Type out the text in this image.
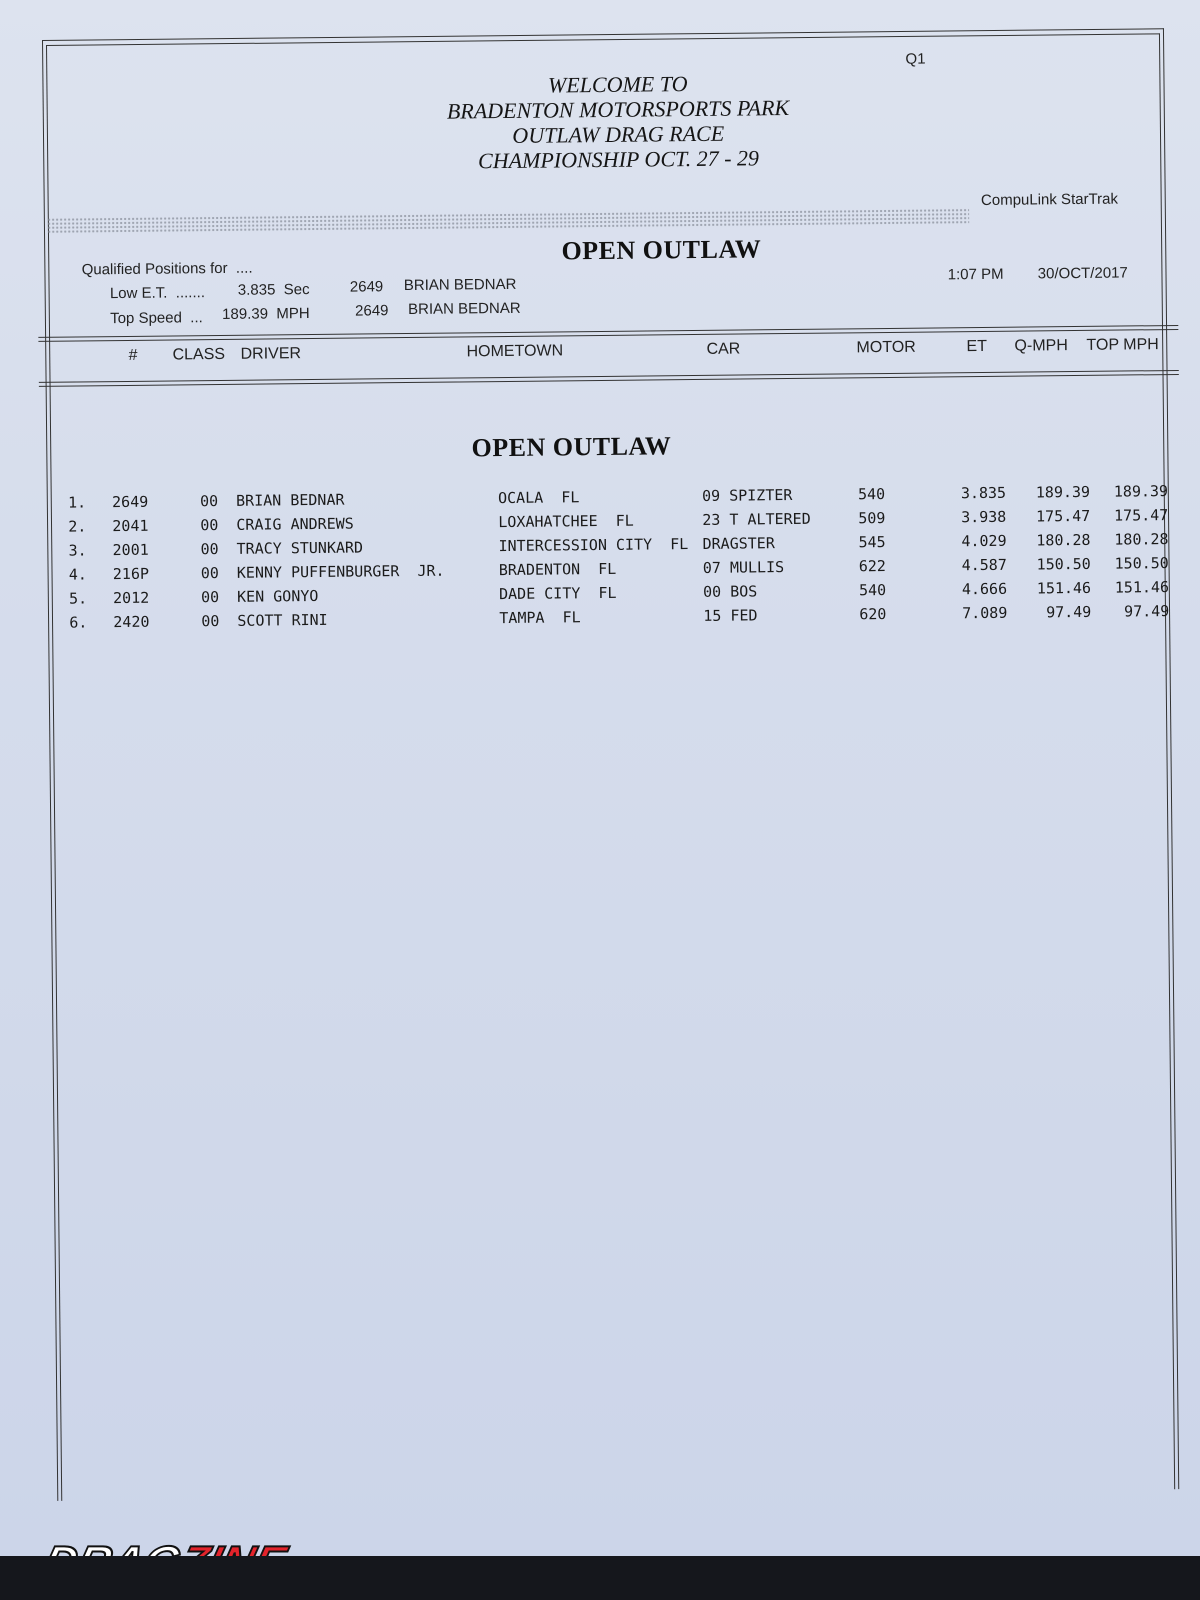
WELCOME TO
BRADENTON MOTORSPORTS PARK
OUTLAW DRAG RACE
CHAMPIONSHIP OCT. 27 - 29
Q1
CompuLink StarTrak
OPEN OUTLAW
Qualified Positions for  ....
Low E.T.  ....... 3.835  Sec	2649 BRIAN BEDNAR
Top Speed  ... 189.39  MPH	2649 BRIAN BEDNAR
1:07 PM 30/OCT/2017
# CLASS DRIVER	HOMETOWN	CAR	MOTOR	ET Q-MPH TOP MPH
OPEN OUTLAW
1. 2649	00 BRIAN BEDNAR	OCALA  FL	09 SPIZTER	540	3.835 189.39 189.39
2. 2041	00 CRAIG ANDREWS	LOXAHATCHEE  FL	23 T ALTERED	509	3.938 175.47 175.47
3. 2001	00 TRACY STUNKARD	INTERCESSION CITY  FL DRAGSTER	545	4.029 180.28 180.28
4. 216P	00 KENNY PUFFENBURGER  JR.	BRADENTON  FL	07 MULLIS	622	4.587 150.50 150.50
5. 2012	00 KEN GONYO	DADE CITY  FL	00 BOS	540	4.666 151.46 151.46
6. 2420	00 SCOTT RINI	TAMPA  FL	15 FED	620	7.089	97.49 97.49
